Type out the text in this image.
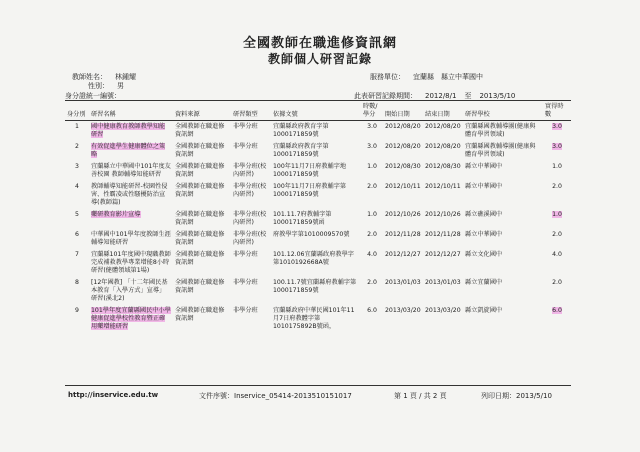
全國教師在職進修資訊網
教師個人研習記錄
教師姓名： 林鍾耀	服務單位： 宜蘭縣　縣立中華國中
性別： 男
身分證統一編號：	此表研習記錄期間： 2012/8/1 至 2013/5/10
身分別	研習名稱	資料來源	研習類型	依據文號	時數/學分	開始日期	結束日期	研習學校	實得時數
1	國中健康教育教師教學知能研習	全國教師在職進修資訊網	非學分班	宜蘭縣政府教育字第1000171859號	3.0	2012/08/20	2012/08/20	宜蘭縣國教輔導團(健康與體育學習領域)	3.0
2	有效促進學生健康體位之策略	全國教師在職進修資訊網	非學分班	宜蘭縣政府教育字第1000171859號	3.0	2012/08/20	2012/08/20	宜蘭縣國教輔導團(健康與體育學習領域)	3.0
3	宜蘭縣立中華國中101年度友善校園 教師輔導知能研習	全國教師在職進修資訊網	非學分班(校內研習)	100年11月7日府教輔字地1000171859號	1.0	2012/08/30	2012/08/30	縣立中華國中	1.0
4	教師輔導知能研習-校園性侵害、性霸凌或性騷擾防治宣導(教師篇)	全國教師在職進修資訊網	非學分班(校內研習)	100年11月7日府教輔字第1000171859號	2.0	2012/10/11	2012/10/11	縣立中華國中	2.0
5	藥研教育影片宣導	全國教師在職進修資訊網	非學分班(校內研習)	101.11.7府教輔字第1000171859號函	1.0	2012/10/26	2012/10/26	縣立礁溪國中	1.0
6	中華國中101學年度教師生涯輔導知能研習	全國教師在職進修資訊網	非學分班(校內研習)	府教學字第1010009570號	2.0	2012/11/28	2012/11/28	縣立中華國中	2.0
7	宜蘭縣101年度國中現職教師完成補救教學專業增能8小時研習(健體領域第1場)	全國教師在職進修資訊網	非學分班	101.12.06宜蘭縣政府教學字第1010192668A號	4.0	2012/12/27	2012/12/27	縣立文化國中	4.0
8	[12年國教] 「十二年國民基本教育「入學方式」宣導」研習(溪北2)	全國教師在職進修資訊網	非學分班	100.11.7號宜蘭縣府教輔字第1000171859號	2.0	2013/01/03	2013/01/03	縣立宜蘭國中	2.0
9	101學年度宜蘭縣國民中小學健康促進學校性教育暨正確用藥增能研習	全國教師在職進修資訊網	非學分班	宜蘭縣政府中華民國101年11月7日府教體字第1010175892B號函，	6.0	2013/03/20	2013/03/20	縣立凱旋國中	6.0
http://inservice.edu.tw	文件序號：Inservice_05414-2013510151017	第 1 頁 / 共 2 頁	列印日期：2013/5/10
